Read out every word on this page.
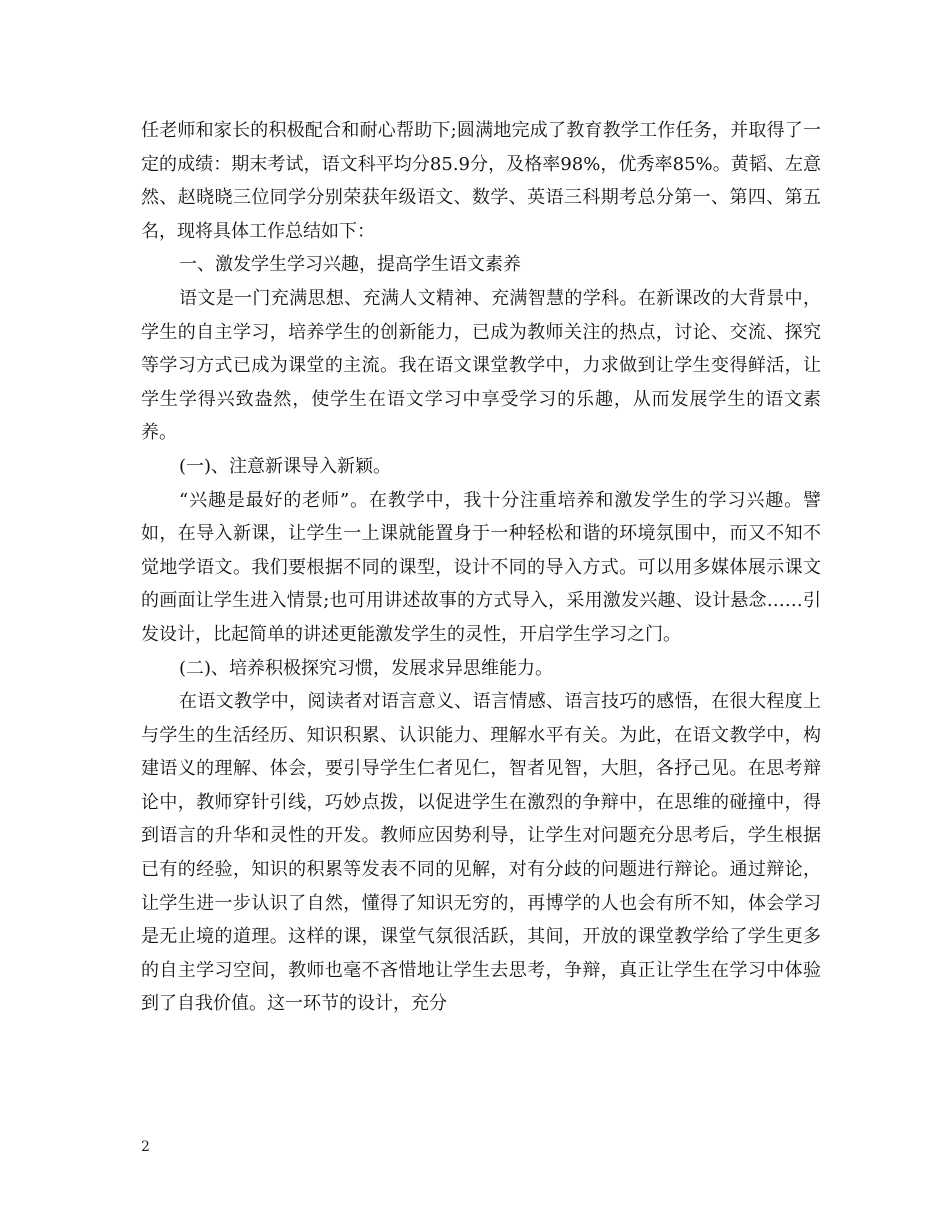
任老师和家长的积极配合和耐心帮助下;圆满地完成了教育教学工作任务，并取得了一定的成绩：期末考试，语文科平均分85.9分，及格率98%，优秀率85%。黄韬、左意然、赵晓晓三位同学分别荣获年级语文、数学、英语三科期考总分第一、第四、第五名，现将具体工作总结如下：

一、激发学生学习兴趣，提高学生语文素养

语文是一门充满思想、充满人文精神、充满智慧的学科。在新课改的大背景中，学生的自主学习，培养学生的创新能力，已成为教师关注的热点，讨论、交流、探究等学习方式已成为课堂的主流。我在语文课堂教学中，力求做到让学生变得鲜活，让学生学得兴致盎然，使学生在语文学习中享受学习的乐趣，从而发展学生的语文素养。

(一)、注意新课导入新颖。

“兴趣是最好的老师”。在教学中，我十分注重培养和激发学生的学习兴趣。譬如，在导入新课，让学生一上课就能置身于一种轻松和谐的环境氛围中，而又不知不觉地学语文。我们要根据不同的课型，设计不同的导入方式。可以用多媒体展示课文的画面让学生进入情景;也可用讲述故事的方式导入，采用激发兴趣、设计悬念……引发设计，比起简单的讲述更能激发学生的灵性，开启学生学习之门。

(二)、培养积极探究习惯，发展求异思维能力。

在语文教学中，阅读者对语言意义、语言情感、语言技巧的感悟，在很大程度上与学生的生活经历、知识积累、认识能力、理解水平有关。为此，在语文教学中，构建语义的理解、体会，要引导学生仁者见仁，智者见智，大胆，各抒己见。在思考辩论中，教师穿针引线，巧妙点拨，以促进学生在激烈的争辩中，在思维的碰撞中，得到语言的升华和灵性的开发。教师应因势利导，让学生对问题充分思考后，学生根据已有的经验，知识的积累等发表不同的见解，对有分歧的问题进行辩论。通过辩论，让学生进一步认识了自然，懂得了知识无穷的，再博学的人也会有所不知，体会学习是无止境的道理。这样的课，课堂气氛很活跃，其间，开放的课堂教学给了学生更多的自主学习空间，教师也毫不吝惜地让学生去思考，争辩，真正让学生在学习中体验到了自我价值。这一环节的设计，充分

2
